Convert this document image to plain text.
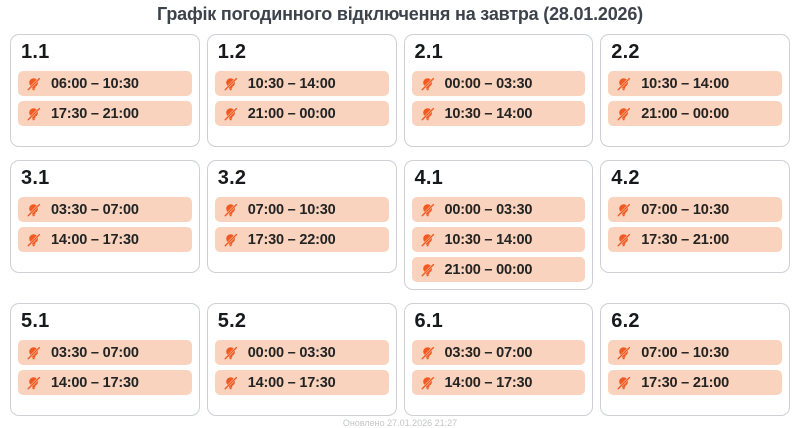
Графік погодинного відключення на завтра (28.01.2026)
1.1
06:00 – 10:30
17:30 – 21:00
1.2
10:30 – 14:00
21:00 – 00:00
2.1
00:00 – 03:30
10:30 – 14:00
2.2
10:30 – 14:00
21:00 – 00:00
3.1
03:30 – 07:00
14:00 – 17:30
3.2
07:00 – 10:30
17:30 – 22:00
4.1
00:00 – 03:30
10:30 – 14:00
21:00 – 00:00
4.2
07:00 – 10:30
17:30 – 21:00
5.1
03:30 – 07:00
14:00 – 17:30
5.2
00:00 – 03:30
14:00 – 17:30
6.1
03:30 – 07:00
14:00 – 17:30
6.2
07:00 – 10:30
17:30 – 21:00
Оновлено 27.01.2026 21:27
